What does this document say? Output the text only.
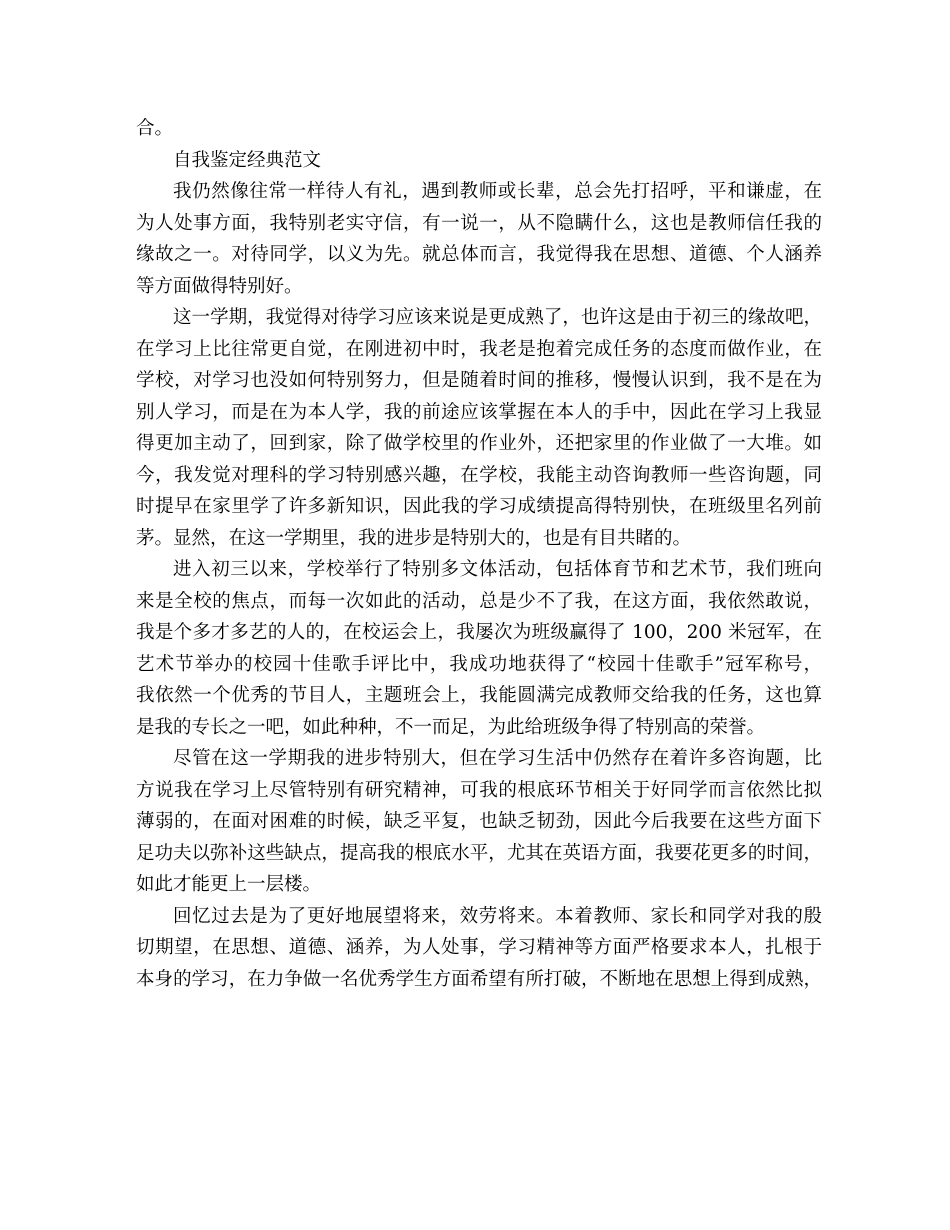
合。
自我鉴定经典范文
我仍然像往常一样待人有礼，遇到教师或长辈，总会先打招呼，平和谦虚，在
为人处事方面，我特别老实守信，有一说一，从不隐瞒什么，这也是教师信任我的
缘故之一。对待同学，以义为先。就总体而言，我觉得我在思想、道德、个人涵养
等方面做得特别好。
这一学期，我觉得对待学习应该来说是更成熟了，也许这是由于初三的缘故吧，
在学习上比往常更自觉，在刚进初中时，我老是抱着完成任务的态度而做作业，在
学校，对学习也没如何特别努力，但是随着时间的推移，慢慢认识到，我不是在为
别人学习，而是在为本人学，我的前途应该掌握在本人的手中，因此在学习上我显
得更加主动了，回到家，除了做学校里的作业外，还把家里的作业做了一大堆。如
今，我发觉对理科的学习特别感兴趣，在学校，我能主动咨询教师一些咨询题，同
时提早在家里学了许多新知识，因此我的学习成绩提高得特别快，在班级里名列前
茅。显然，在这一学期里，我的进步是特别大的，也是有目共睹的。
进入初三以来，学校举行了特别多文体活动，包括体育节和艺术节，我们班向
来是全校的焦点，而每一次如此的活动，总是少不了我，在这方面，我依然敢说，
我是个多才多艺的人的，在校运会上，我屡次为班级赢得了 100，200 米冠军，在
艺术节举办的校园十佳歌手评比中，我成功地获得了“校园十佳歌手”冠军称号，
我依然一个优秀的节目人，主题班会上，我能圆满完成教师交给我的任务，这也算
是我的专长之一吧，如此种种，不一而足，为此给班级争得了特别高的荣誉。
尽管在这一学期我的进步特别大，但在学习生活中仍然存在着许多咨询题，比
方说我在学习上尽管特别有研究精神，可我的根底环节相关于好同学而言依然比拟
薄弱的，在面对困难的时候，缺乏平复，也缺乏韧劲，因此今后我要在这些方面下
足功夫以弥补这些缺点，提高我的根底水平，尤其在英语方面，我要花更多的时间，
如此才能更上一层楼。
回忆过去是为了更好地展望将来，效劳将来。本着教师、家长和同学对我的殷
切期望，在思想、道德、涵养，为人处事，学习精神等方面严格要求本人，扎根于
本身的学习，在力争做一名优秀学生方面希望有所打破，不断地在思想上得到成熟，
